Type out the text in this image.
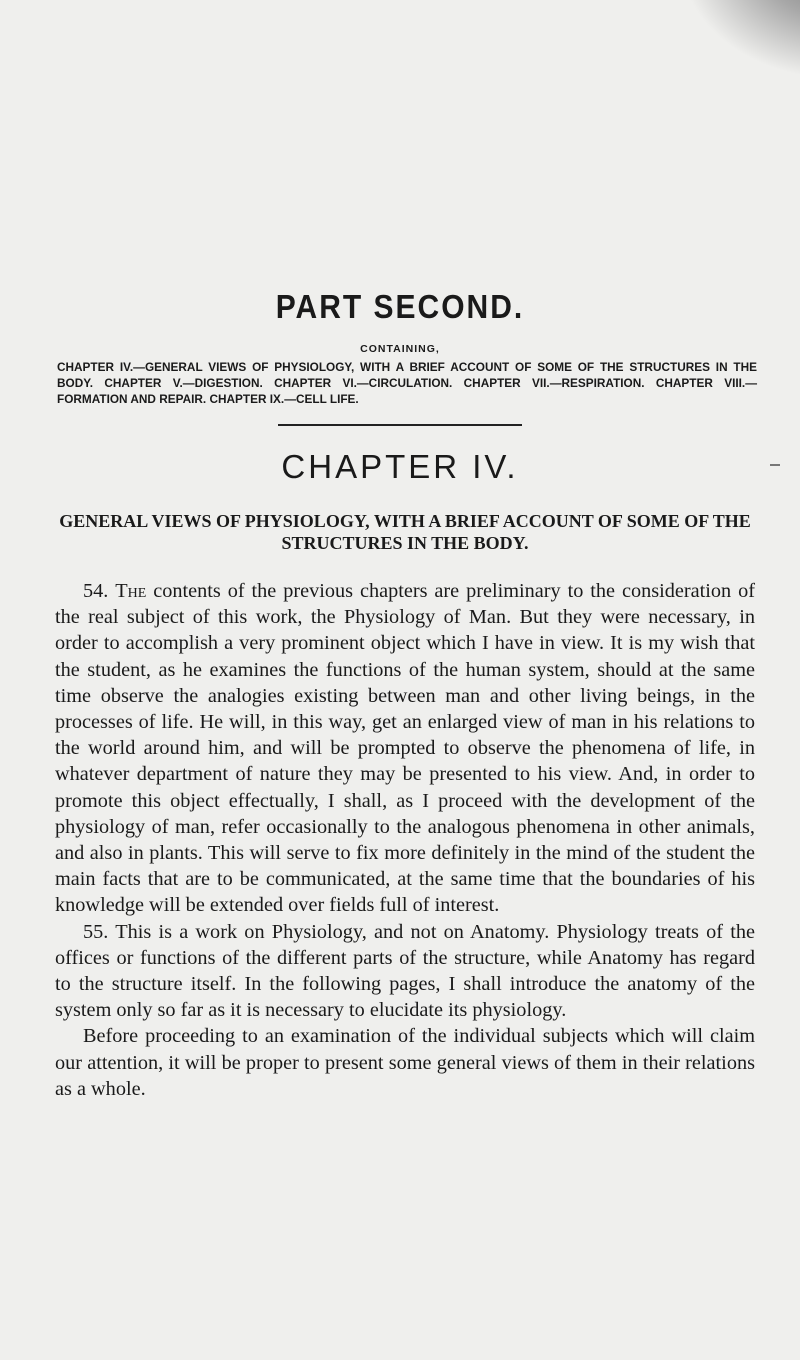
PART SECOND.
CONTAINING,
CHAPTER IV.—GENERAL VIEWS OF PHYSIOLOGY, WITH A BRIEF ACCOUNT OF SOME OF THE STRUCTURES IN THE BODY. CHAPTER V.—DIGESTION. CHAPTER VI.—CIRCULATION. CHAPTER VII.—RESPIRATION. CHAPTER VIII.—FORMATION AND REPAIR. CHAPTER IX.—CELL LIFE.
CHAPTER IV.
GENERAL VIEWS OF PHYSIOLOGY, WITH A BRIEF ACCOUNT OF SOME OF THE STRUCTURES IN THE BODY.

54. The contents of the previous chapters are preliminary to the consideration of the real subject of this work, the Physiology of Man. But they were necessary, in order to accomplish a very prominent object which I have in view. It is my wish that the student, as he examines the functions of the human system, should at the same time observe the analogies existing between man and other living beings, in the processes of life. He will, in this way, get an enlarged view of man in his relations to the world around him, and will be prompted to observe the phenomena of life, in whatever department of nature they may be presented to his view. And, in order to promote this object effectually, I shall, as I proceed with the development of the physiology of man, refer occasionally to the analogous phenomena in other animals, and also in plants. This will serve to fix more definitely in the mind of the student the main facts that are to be communicated, at the same time that the boundaries of his knowledge will be extended over fields full of interest.

55. This is a work on Physiology, and not on Anatomy. Physiology treats of the offices or functions of the different parts of the structure, while Anatomy has regard to the structure itself. In the following pages, I shall introduce the anatomy of the system only so far as it is necessary to elucidate its physiology.

Before proceeding to an examination of the individual subjects which will claim our attention, it will be proper to present some general views of them in their relations as a whole.
